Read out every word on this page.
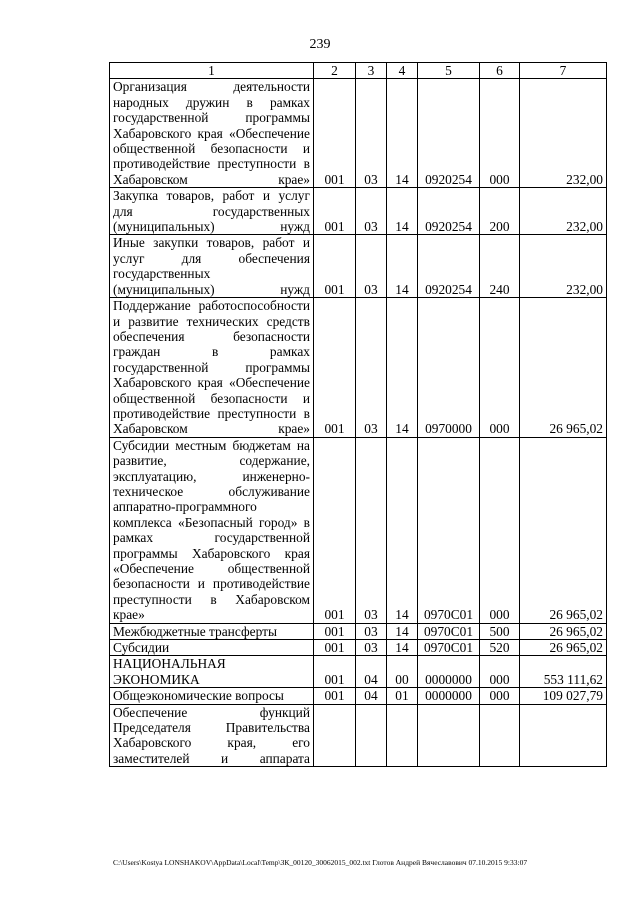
239
1	2	3	4	5	6	7
Организация деятельности народных дружин в рамках государственной программы Хабаровского края «Обеспечение общественной безопасности и противодействие преступности в Хабаровском крае»	001	03	14	0920254	000	232,00
Закупка товаров, работ и услуг для государственных (муниципальных) нужд	001	03	14	0920254	200	232,00
Иные закупки товаров, работ и услуг для обеспечения государственных (муниципальных) нужд	001	03	14	0920254	240	232,00
Поддержание работоспособности и развитие технических средств обеспечения безопасности граждан в рамках государственной программы Хабаровского края «Обеспечение общественной безопасности и противодействие преступности в Хабаровском крае»	001	03	14	0970000	000	26 965,02
Субсидии местным бюджетам на развитие, содержание, эксплуатацию, инженерно-техническое обслуживание аппаратно-программного комплекса «Безопасный город» в рамках государственной программы Хабаровского края «Обеспечение общественной безопасности и противодействие преступности в Хабаровском крае»	001	03	14	0970С01	000	26 965,02
Межбюджетные трансферты	001	03	14	0970С01	500	26 965,02
Субсидии	001	03	14	0970С01	520	26 965,02
НАЦИОНАЛЬНАЯ ЭКОНОМИКА	001	04	00	0000000	000	553 111,62
Общеэкономические вопросы	001	04	01	0000000	000	109 027,79
Обеспечение функций Председателя Правительства Хабаровского края, его заместителей и аппарата						
C:\Users\Kostya LONSHAKOV\AppData\Local\Temp\ЗК_00120_30062015_002.txt Глотов Андрей Вячеславович 07.10.2015 9:33:07
